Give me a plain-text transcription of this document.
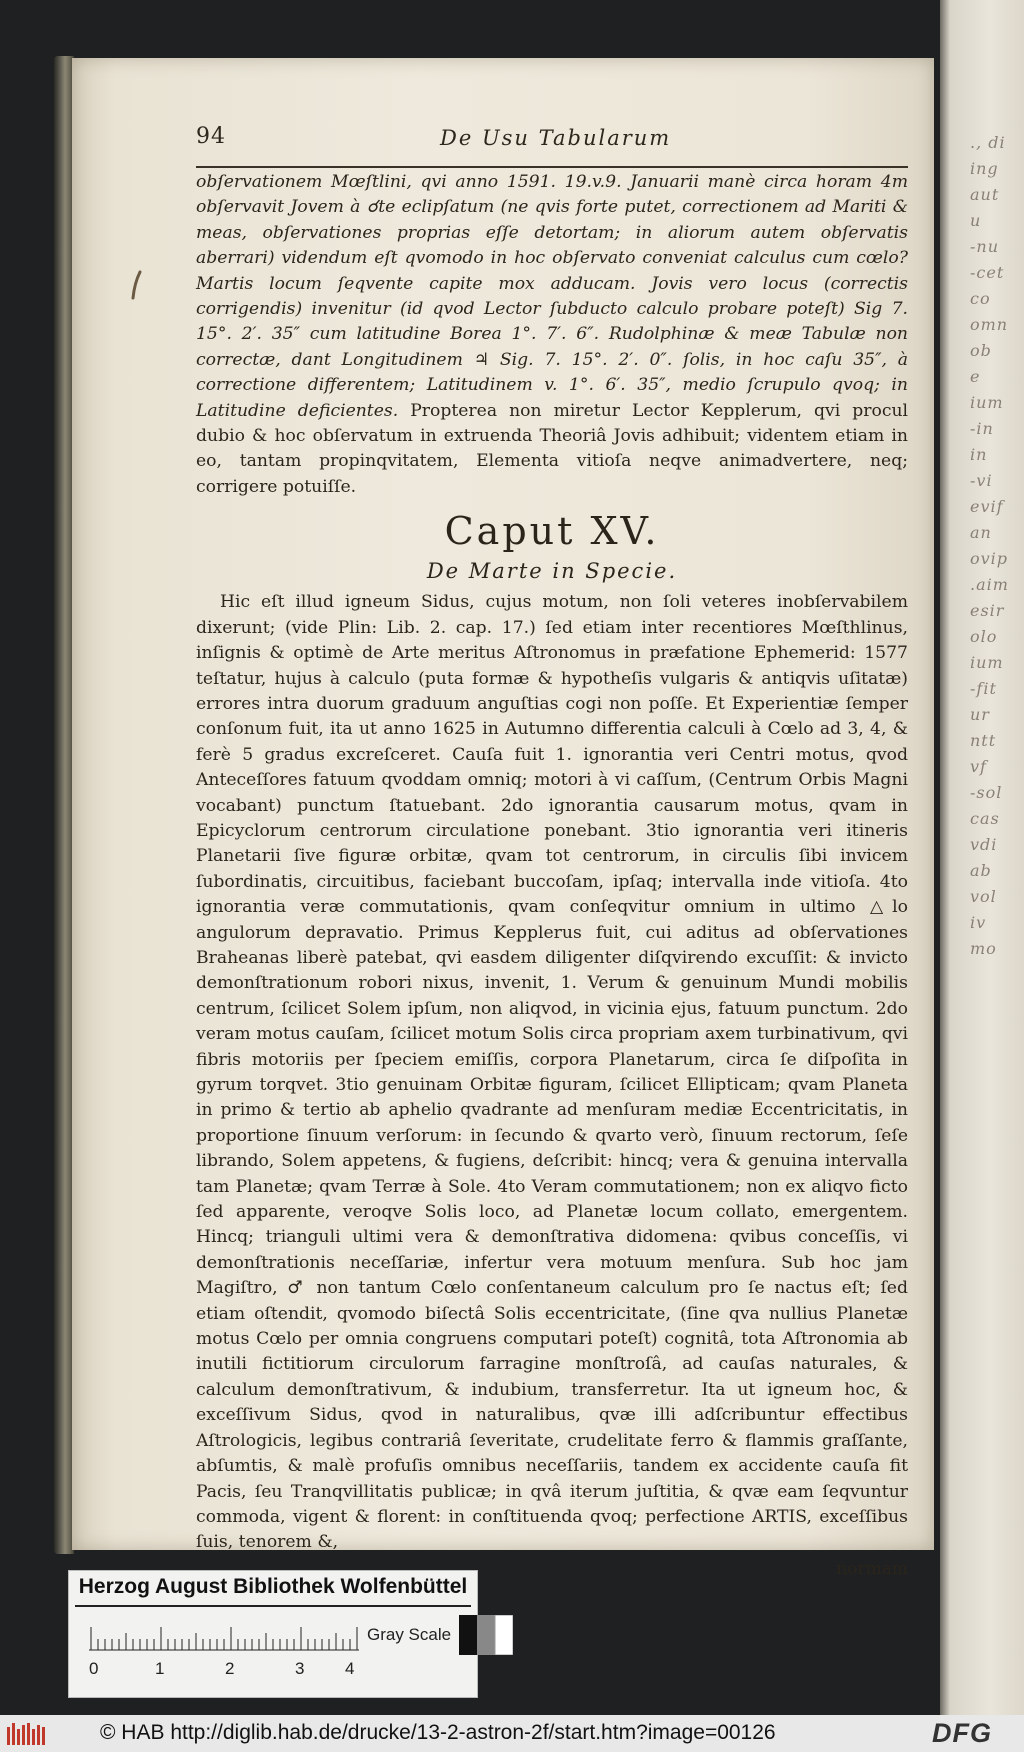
., di
ing
aut
u
-nu
-cet
co
omn
ob
e
ium
-in
in
-vi
evif
an
ovip
.aim
esir
olo
ium
-fit
ur
ntt
vf
-sol
cas
vdi
ab
vol
iv
mo
94	De Usu Tabularum

obſervationem Mœſtlini, qvi anno 1591. 19.v.9. Januarii manè circa horam 4m obſervavit Jovem à ☌te eclipſatum (ne qvis forte putet, correctionem ad Mariti & meas, obſervationes proprias eſſe detortam; in aliorum autem obſervatis aberrari) videndum eſt qvomodo in hoc obſervato conveniat calculus cum cœlo? Martis locum ſeqvente capite mox adducam. Jovis vero locus (correctis corrigendis) invenitur (id qvod Lector ſubducto calculo probare poteſt) Sig 7. 15°. 2′. 35″ cum latitudine Borea 1°. 7′. 6″. Rudolphinæ & meæ Tabulæ non correctæ, dant Longitudinem ♃ Sig. 7. 15°. 2′. 0″. ſolis, in hoc caſu 35″, à correctione differentem; Latitudinem v. 1°. 6′. 35″, medio ſcrupulo qvoq; in Latitudine deficientes. Propterea non miretur Lector Kepplerum, qvi procul dubio & hoc obſervatum in extruenda Theoriâ Jovis adhibuit; videntem etiam in eo, tantam propinqvitatem, Elementa vitioſa neqve animadvertere, neq; corrigere potuiſſe.

Caput XV.
De Marte in Specie.

Hic eſt illud igneum Sidus, cujus motum, non ſoli veteres inobſervabilem dixerunt; (vide Plin: Lib. 2. cap. 17.) ſed etiam inter recentiores Mœſthlinus, inſignis & optimè de Arte meritus Aſtronomus in præfatione Ephemerid: 1577 teſtatur, hujus à calculo (puta formæ & hypotheſis vulgaris & antiqvis uſitatæ) errores intra duorum graduum anguſtias cogi non poſſe. Et Experientiæ ſemper conſonum fuit, ita ut anno 1625 in Autumno differentia calculi à Cœlo ad 3, 4, & ferè 5 gradus excreſceret. Cauſa fuit 1. ignorantia veri Centri motus, qvod Anteceſſores fatuum qvoddam omniq; motori à vi caſſum, (Centrum Orbis Magni vocabant) punctum ſtatuebant. 2do ignorantia causarum motus, qvam in Epicyclorum centrorum circulatione ponebant. 3tio ignorantia veri itineris Planetarii ſive figuræ orbitæ, qvam tot centrorum, in circulis ſibi invicem ſubordinatis, circuitibus, faciebant buccoſam, ipſaq; intervalla inde vitioſa. 4to ignorantia veræ commutationis, qvam conſeqvitur omnium in ultimo △lo angulorum depravatio. Primus Kepplerus fuit, cui aditus ad obſervationes Braheanas liberè patebat, qvi easdem diligenter diſqvirendo excuſſit: & invicto demonſtrationum robori nixus, invenit, 1. Verum & genuinum Mundi mobilis centrum, ſcilicet Solem ipſum, non aliqvod, in vicinia ejus, fatuum punctum. 2do veram motus cauſam, ſcilicet motum Solis circa propriam axem turbinativum, qvi fibris motoriis per ſpeciem emiſſis, corpora Planetarum, circa ſe diſpoſita in gyrum torqvet. 3tio genuinam Orbitæ figuram, ſcilicet Ellipticam; qvam Planeta in primo & tertio ab aphelio qvadrante ad menſuram mediæ Eccentricitatis, in proportione ſinuum verſorum: in ſecundo & qvarto verò, ſinuum rectorum, ſeſe librando, Solem appetens, & fugiens, deſcribit: hincq; vera & genuina intervalla tam Planetæ; qvam Terræ à Sole. 4to Veram commutationem; non ex aliqvo ficto ſed apparente, veroqve Solis loco, ad Planetæ locum collato, emergentem. Hincq; trianguli ultimi vera & demonſtrativa didomena: qvibus conceſſis, vi demonſtrationis neceſſariæ, infertur vera motuum menſura. Sub hoc jam Magiſtro, ♂ non tantum Cœlo conſentaneum calculum pro ſe nactus eſt; ſed etiam oſtendit, qvomodo biſectâ Solis eccentricitate, (ſine qva nullius Planetæ motus Cœlo per omnia congruens computari poteſt) cognitâ, tota Aſtronomia ab inutili fictitiorum circulorum farragine monſtroſâ, ad cauſas naturales, & calculum demonſtrativum, & indubium, transferretur. Ita ut igneum hoc, & exceſſivum Sidus, qvod in naturalibus, qvæ illi adſcribuntur effectibus Aſtrologicis, legibus contrariâ ſeveritate, crudelitate ferro & flammis graſſante, abſumtis, & malè profuſis omnibus neceſſariis, tandem ex accidente cauſa fit Pacis, ſeu Tranqvillitatis publicæ; in qvâ iterum juſtitia, & qvæ eam ſeqvuntur commoda, vigent & florent: in conſtituenda qvoq; perfectione ARTIS, exceſſibus ſuis, tenorem &,

normam
Herzog August Bibliothek Wolfenbüttel
Gray Scale
0	1	2	3 4
© HAB http://diglib.hab.de/drucke/13-2-astron-2f/start.htm?image=00126	DFG
